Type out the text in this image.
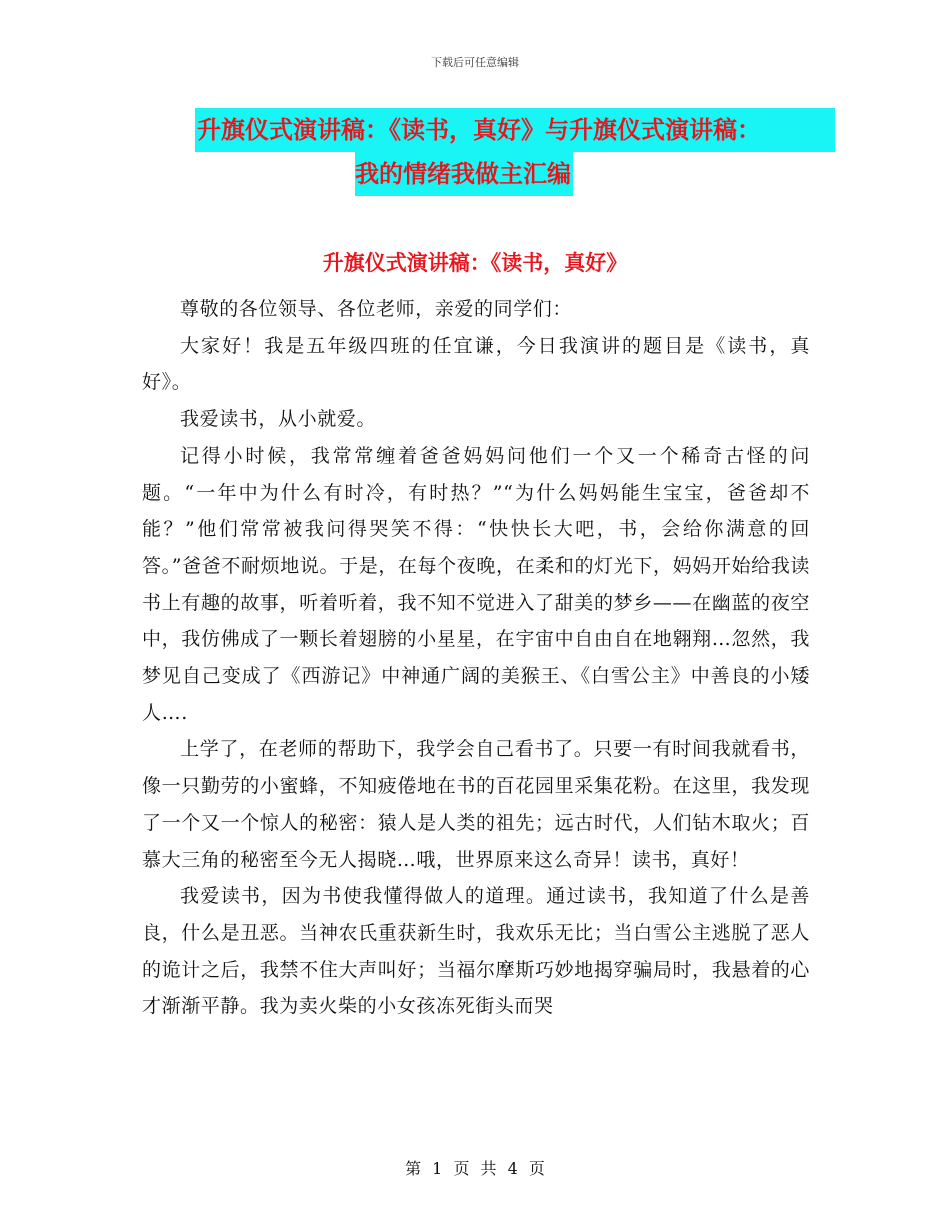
下载后可任意编辑
升旗仪式演讲稿：《读书，真好》与升旗仪式演讲稿：
我的情绪我做主汇编
升旗仪式演讲稿：《读书，真好》

尊敬的各位领导、各位老师，亲爱的同学们：

大家好！我是五年级四班的任宜谦，今日我演讲的题目是《读书，真好》。

我爱读书，从小就爱。

记得小时候，我常常缠着爸爸妈妈问他们一个又一个稀奇古怪的问题。“一年中为什么有时冷，有时热？”“为什么妈妈能生宝宝，爸爸却不能？”他们常常被我问得哭笑不得：“快快长大吧，书，会给你满意的回答。”爸爸不耐烦地说。于是，在每个夜晚，在柔和的灯光下，妈妈开始给我读书上有趣的故事，听着听着，我不知不觉进入了甜美的梦乡——在幽蓝的夜空中，我仿佛成了一颗长着翅膀的小星星，在宇宙中自由自在地翱翔…忽然，我梦见自己变成了《西游记》中神通广阔的美猴王、《白雪公主》中善良的小矮人….

上学了，在老师的帮助下，我学会自己看书了。只要一有时间我就看书，像一只勤劳的小蜜蜂，不知疲倦地在书的百花园里采集花粉。在这里，我发现了一个又一个惊人的秘密：猿人是人类的祖先；远古时代，人们钻木取火；百慕大三角的秘密至今无人揭晓…哦，世界原来这么奇异！读书，真好！

我爱读书，因为书使我懂得做人的道理。通过读书，我知道了什么是善良，什么是丑恶。当神农氏重获新生时，我欢乐无比；当白雪公主逃脱了恶人的诡计之后，我禁不住大声叫好；当福尔摩斯巧妙地揭穿骗局时，我悬着的心才渐渐平静。我为卖火柴的小女孩冻死街头而哭

第 1 页 共 4 页
